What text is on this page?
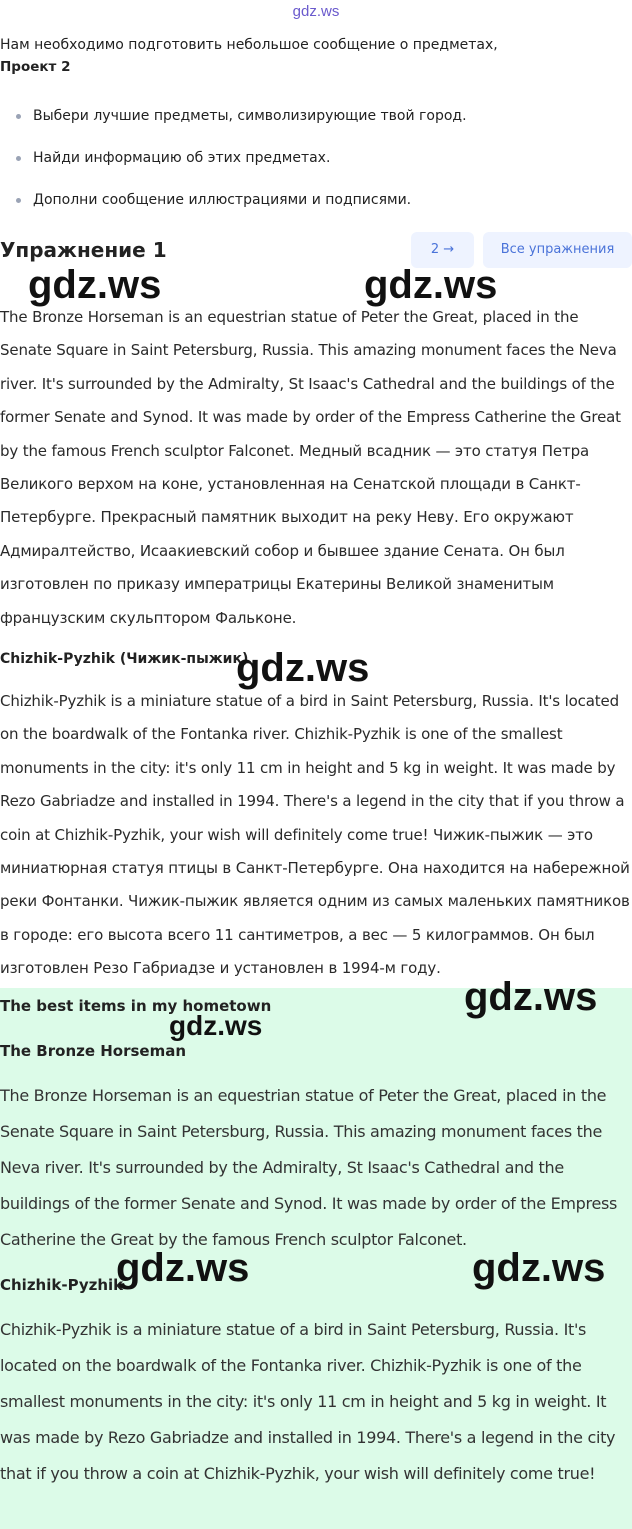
gdz.ws
Нам необходимо подготовить небольшое сообщение о предметах,
Проект 2
Выбери лучшие предметы, символизирующие твой город.
Найди информацию об этих предметах.
Дополни сообщение иллюстрациями и подписями.
Упражнение 1	2 →	Все упражнения
gdz.ws	gdz.ws
The Bronze Horseman is an equestrian statue of Peter the Great, placed in the Senate Square in Saint Petersburg, Russia. This amazing monument faces the Neva river. It's surrounded by the Admiralty, St Isaac's Cathedral and the buildings of the former Senate and Synod. It was made by order of the Empress Catherine the Great by the famous French sculptor Falconet. Медный всадник — это статуя Петра Великого верхом на коне, установленная на Сенатской площади в Санкт-Петербурге. Прекрасный памятник выходит на реку Неву. Его окружают Адмиралтейство, Исаакиевский собор и бывшее здание Сената. Он был изготовлен по приказу императрицы Екатерины Великой знаменитым французским скульптором Фальконе.
Chizhik-Pyzhik (Чижик-пыжик)
gdz.ws
Chizhik-Pyzhik is a miniature statue of a bird in Saint Petersburg, Russia. It's located on the boardwalk of the Fontanka river. Chizhik-Pyzhik is one of the smallest monuments in the city: it's only 11 cm in height and 5 kg in weight. It was made by Rezo Gabriadze and installed in 1994. There's a legend in the city that if you throw a coin at Chizhik-Pyzhik, your wish will definitely come true! Чижик-пыжик — это миниатюрная статуя птицы в Санкт-Петербурге. Она находится на набережной реки Фонтанки. Чижик-пыжик является одним из самых маленьких памятников в городе: его высота всего 11 сантиметров, а вес — 5 килограммов. Он был изготовлен Резо Габриадзе и установлен в 1994-м году.
The best items in my hometown	gdz.ws
gdz.ws
The Bronze Horseman
The Bronze Horseman is an equestrian statue of Peter the Great, placed in the Senate Square in Saint Petersburg, Russia. This amazing monument faces the Neva river. It's surrounded by the Admiralty, St Isaac's Cathedral and the buildings of the former Senate and Synod. It was made by order of the Empress Catherine the Great by the famous French sculptor Falconet.
gdz.ws	gdz.ws
Chizhik-Pyzhik
Chizhik-Pyzhik is a miniature statue of a bird in Saint Petersburg, Russia. It's located on the boardwalk of the Fontanka river. Chizhik-Pyzhik is one of the smallest monuments in the city: it's only 11 cm in height and 5 kg in weight. It was made by Rezo Gabriadze and installed in 1994. There's a legend in the city that if you throw a coin at Chizhik-Pyzhik, your wish will definitely come true!
